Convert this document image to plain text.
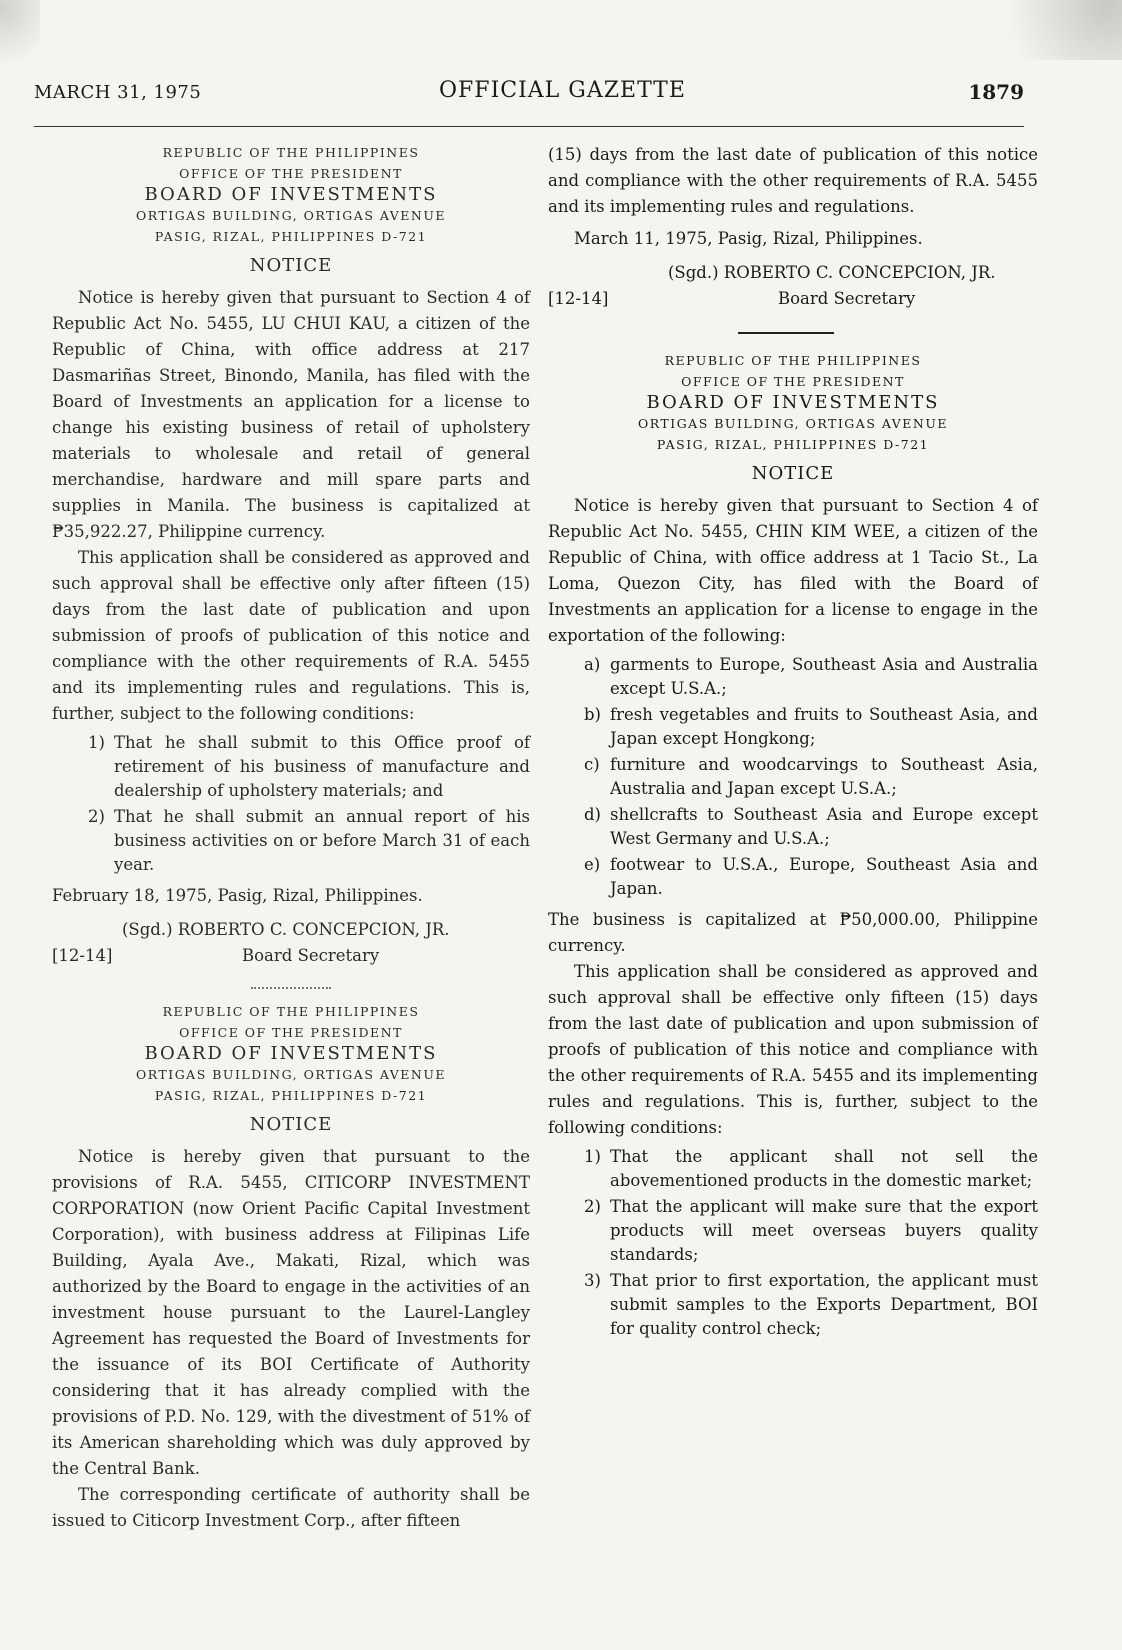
MARCH 31, 1975	OFFICIAL GAZETTE	1879
REPUBLIC OF THE PHILIPPINES
OFFICE OF THE PRESIDENT
BOARD OF INVESTMENTS
ORTIGAS BUILDING, ORTIGAS AVENUE
PASIG, RIZAL, PHILIPPINES D-721
NOTICE

Notice is hereby given that pursuant to Section 4 of Republic Act No. 5455, LU CHUI KAU, a citizen of the Republic of China, with office address at 217 Dasmariñas Street, Binondo, Manila, has filed with the Board of Investments an application for a license to change his existing business of retail of upholstery materials to wholesale and retail of general merchandise, hardware and mill spare parts and supplies in Manila. The business is capitalized at ₱35,922.27, Philippine currency.

This application shall be considered as approved and such approval shall be effective only after fifteen (15) days from the last date of publication and upon submission of proofs of publication of this notice and compliance with the other requirements of R.A. 5455 and its implementing rules and regulations. This is, further, subject to the following conditions:

1) That he shall submit to this Office proof of retirement of his business of manufacture and dealership of upholstery materials; and
2) That he shall submit an annual report of his business activities on or before March 31 of each year.

February 18, 1975, Pasig, Rizal, Philippines.

(Sgd.) ROBERTO C. CONCEPCION, JR.
[12-14]	Board Secretary
REPUBLIC OF THE PHILIPPINES
OFFICE OF THE PRESIDENT
BOARD OF INVESTMENTS
ORTIGAS BUILDING, ORTIGAS AVENUE
PASIG, RIZAL, PHILIPPINES D-721
NOTICE

Notice is hereby given that pursuant to the provisions of R.A. 5455, CITICORP INVESTMENT CORPORATION (now Orient Pacific Capital Investment Corporation), with business address at Filipinas Life Building, Ayala Ave., Makati, Rizal, which was authorized by the Board to engage in the activities of an investment house pursuant to the Laurel-Langley Agreement has requested the Board of Investments for the issuance of its BOI Certificate of Authority considering that it has already complied with the provisions of P.D. No. 129, with the divestment of 51% of its American shareholding which was duly approved by the Central Bank.

The corresponding certificate of authority shall be issued to Citicorp Investment Corp., after fifteen

(15) days from the last date of publication of this notice and compliance with the other requirements of R.A. 5455 and its implementing rules and regulations.

March 11, 1975, Pasig, Rizal, Philippines.

(Sgd.) ROBERTO C. CONCEPCION, JR.
[12-14]	Board Secretary
REPUBLIC OF THE PHILIPPINES
OFFICE OF THE PRESIDENT
BOARD OF INVESTMENTS
ORTIGAS BUILDING, ORTIGAS AVENUE
PASIG, RIZAL, PHILIPPINES D-721
NOTICE

Notice is hereby given that pursuant to Section 4 of Republic Act No. 5455, CHIN KIM WEE, a citizen of the Republic of China, with office address at 1 Tacio St., La Loma, Quezon City, has filed with the Board of Investments an application for a license to engage in the exportation of the following:

a) garments to Europe, Southeast Asia and Australia except U.S.A.;
b) fresh vegetables and fruits to Southeast Asia, and Japan except Hongkong;
c) furniture and woodcarvings to Southeast Asia, Australia and Japan except U.S.A.;
d) shellcrafts to Southeast Asia and Europe except West Germany and U.S.A.;
e) footwear to U.S.A., Europe, Southeast Asia and Japan.

The business is capitalized at ₱50,000.00, Philippine currency.

This application shall be considered as approved and such approval shall be effective only fifteen (15) days from the last date of publication and upon submission of proofs of publication of this notice and compliance with the other requirements of R.A. 5455 and its implementing rules and regulations. This is, further, subject to the following conditions:

1) That the applicant shall not sell the abovementioned products in the domestic market;
2) That the applicant will make sure that the export products will meet overseas buyers quality standards;
3) That prior to first exportation, the applicant must submit samples to the Exports Department, BOI for quality control check;
